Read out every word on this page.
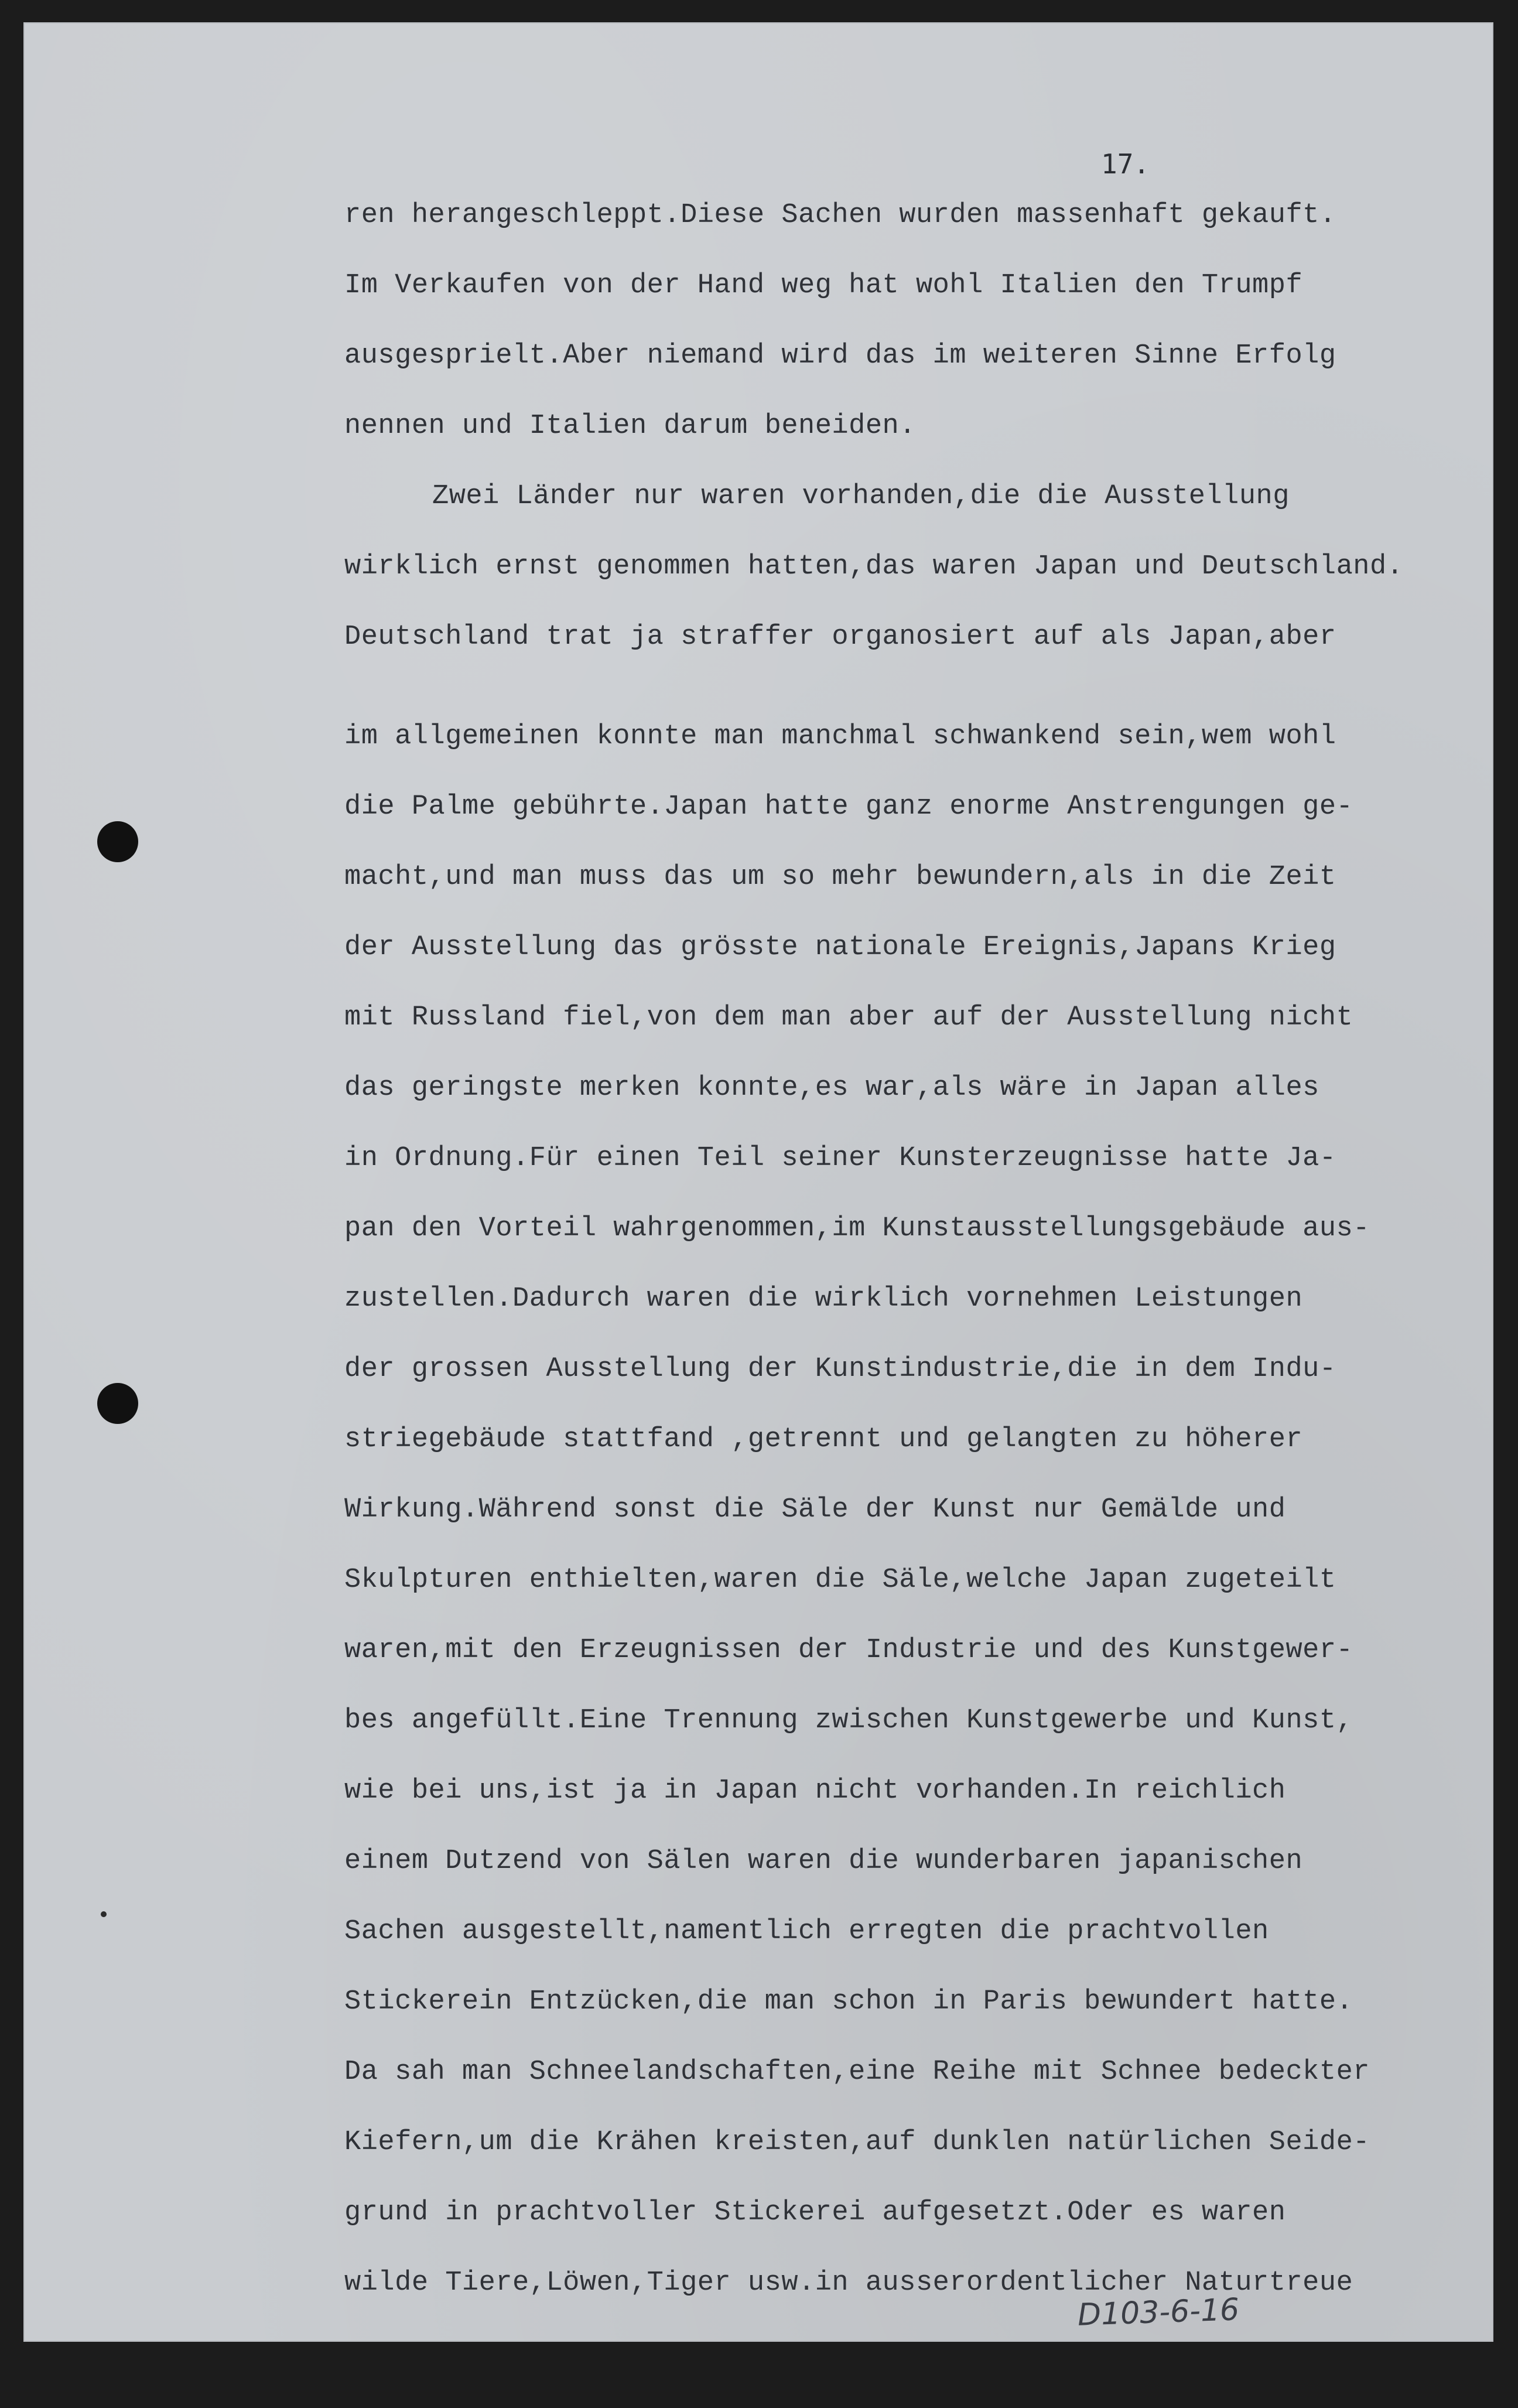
17.
ren herangeschleppt.Diese Sachen wurden massenhaft gekauft.
Im Verkaufen von der Hand weg hat wohl Italien den Trumpf
ausgesprielt.Aber niemand wird das im weiteren Sinne Erfolg
nennen und Italien darum beneiden.
Zwei Länder nur waren vorhanden,die die Ausstellung
wirklich ernst genommen hatten,das waren Japan und Deutschland.
Deutschland trat ja straffer organosiert auf als Japan,aber
im allgemeinen konnte man manchmal schwankend sein,wem wohl
die Palme gebührte.Japan hatte ganz enorme Anstrengungen ge-
macht,und man muss das um so mehr bewundern,als in die Zeit
der Ausstellung das grösste nationale Ereignis,Japans Krieg
mit Russland fiel,von dem man aber auf der Ausstellung nicht
das geringste merken konnte,es war,als wäre in Japan alles
in Ordnung.Für einen Teil seiner Kunsterzeugnisse hatte Ja-
pan den Vorteil wahrgenommen,im Kunstausstellungsgebäude aus-
zustellen.Dadurch waren die wirklich vornehmen Leistungen
der grossen Ausstellung der Kunstindustrie,die in dem Indu-
striegebäude stattfand ,getrennt und gelangten zu höherer
Wirkung.Während sonst die Säle der Kunst nur Gemälde und
Skulpturen enthielten,waren die Säle,welche Japan zugeteilt
waren,mit den Erzeugnissen der Industrie und des Kunstgewer-
bes angefüllt.Eine Trennung zwischen Kunstgewerbe und Kunst,
wie bei uns,ist ja in Japan nicht vorhanden.In reichlich
einem Dutzend von Sälen waren die wunderbaren japanischen
Sachen ausgestellt,namentlich erregten die prachtvollen
Stickerein Entzücken,die man schon in Paris bewundert hatte.
Da sah man Schneelandschaften,eine Reihe mit Schnee bedeckter
Kiefern,um die Krähen kreisten,auf dunklen natürlichen Seide-
grund in prachtvoller Stickerei aufgesetzt.Oder es waren
wilde Tiere,Löwen,Tiger usw.in ausserordentlicher Naturtreue
D103-6-16
